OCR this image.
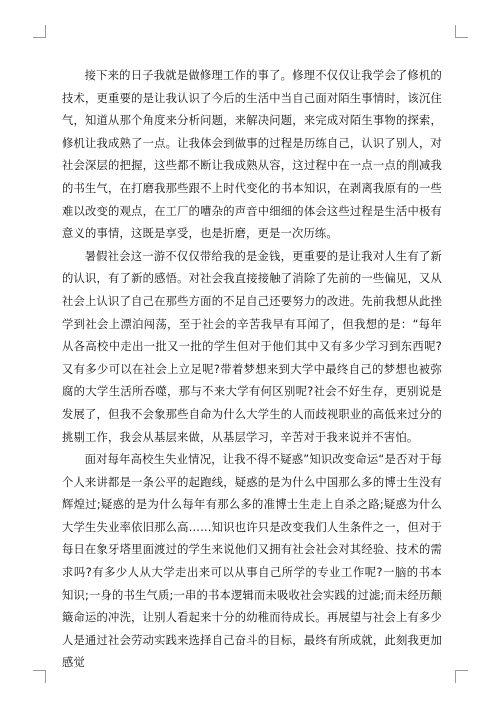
接下来的日子我就是做修理工作的事了。修理不仅仅让我学会了修机的技术，更重要的是让我认识了今后的生活中当自己面对陌生事情时，该沉住气，知道从那个角度来分析问题，来解决问题，来完成对陌生事物的探索，修机让我成熟了一点。让我体会到做事的过程是历练自己，认识了别人，对社会深层的把握，这些都不断让我成熟从容，这过程中在一点一点的削减我的书生气，在打磨我那些跟不上时代变化的书本知识，在剥离我原有的一些难以改变的观点，在工厂的嘈杂的声音中细细的体会这些过程是生活中极有意义的事情，这既是享受，也是折磨，更是一次历练。

暑假社会这一游不仅仅带给我的是金钱，更重要的是让我对人生有了新的认识，有了新的感悟。对社会我直接接触了消除了先前的一些偏见，又从社会上认识了自己在那些方面的不足自己还要努力的改进。先前我想从此挫学到社会上漂泊闯荡，至于社会的辛苦我早有耳闻了，但我想的是：“每年从各高校中走出一批又一批的学生但对于他们其中又有多少学习到东西呢?又有多少可以在社会上立足呢?带着梦想来到大学中最终自己的梦想也被弥腐的大学生活所吞噬，那与不来大学有何区别呢?社会不好生存，更别说是发展了，但我不会象那些自命为什么大学生的人而歧视职业的高低来过分的挑剔工作，我会从基层来做，从基层学习，辛苦对于我来说并不害怕。

面对每年高校生失业情况，让我不得不疑惑”知识改变命运“是否对于每个人来讲都是一条公平的起跑线，疑惑的是为什么中国那么多的博士生没有辉煌过;疑惑的是为什么每年有那么多的准博士生走上自杀之路;疑惑为什么大学生失业率依旧那么高……知识也许只是改变我们人生条件之一，但对于每日在象牙塔里面渡过的学生来说他们又拥有社会社会对其经验、技术的需求吗?有多少人从大学走出来可以从事自己所学的专业工作呢?一脑的书本知识;一身的书生气质;一串的书本逻辑而未吸收社会实践的过滤;而未经历颠簸命运的冲洗，让别人看起来十分的幼稚而待成长。再展望与社会上有多少人是通过社会劳动实践来选择自己奋斗的目标，最终有所成就，此刻我更加感觉
